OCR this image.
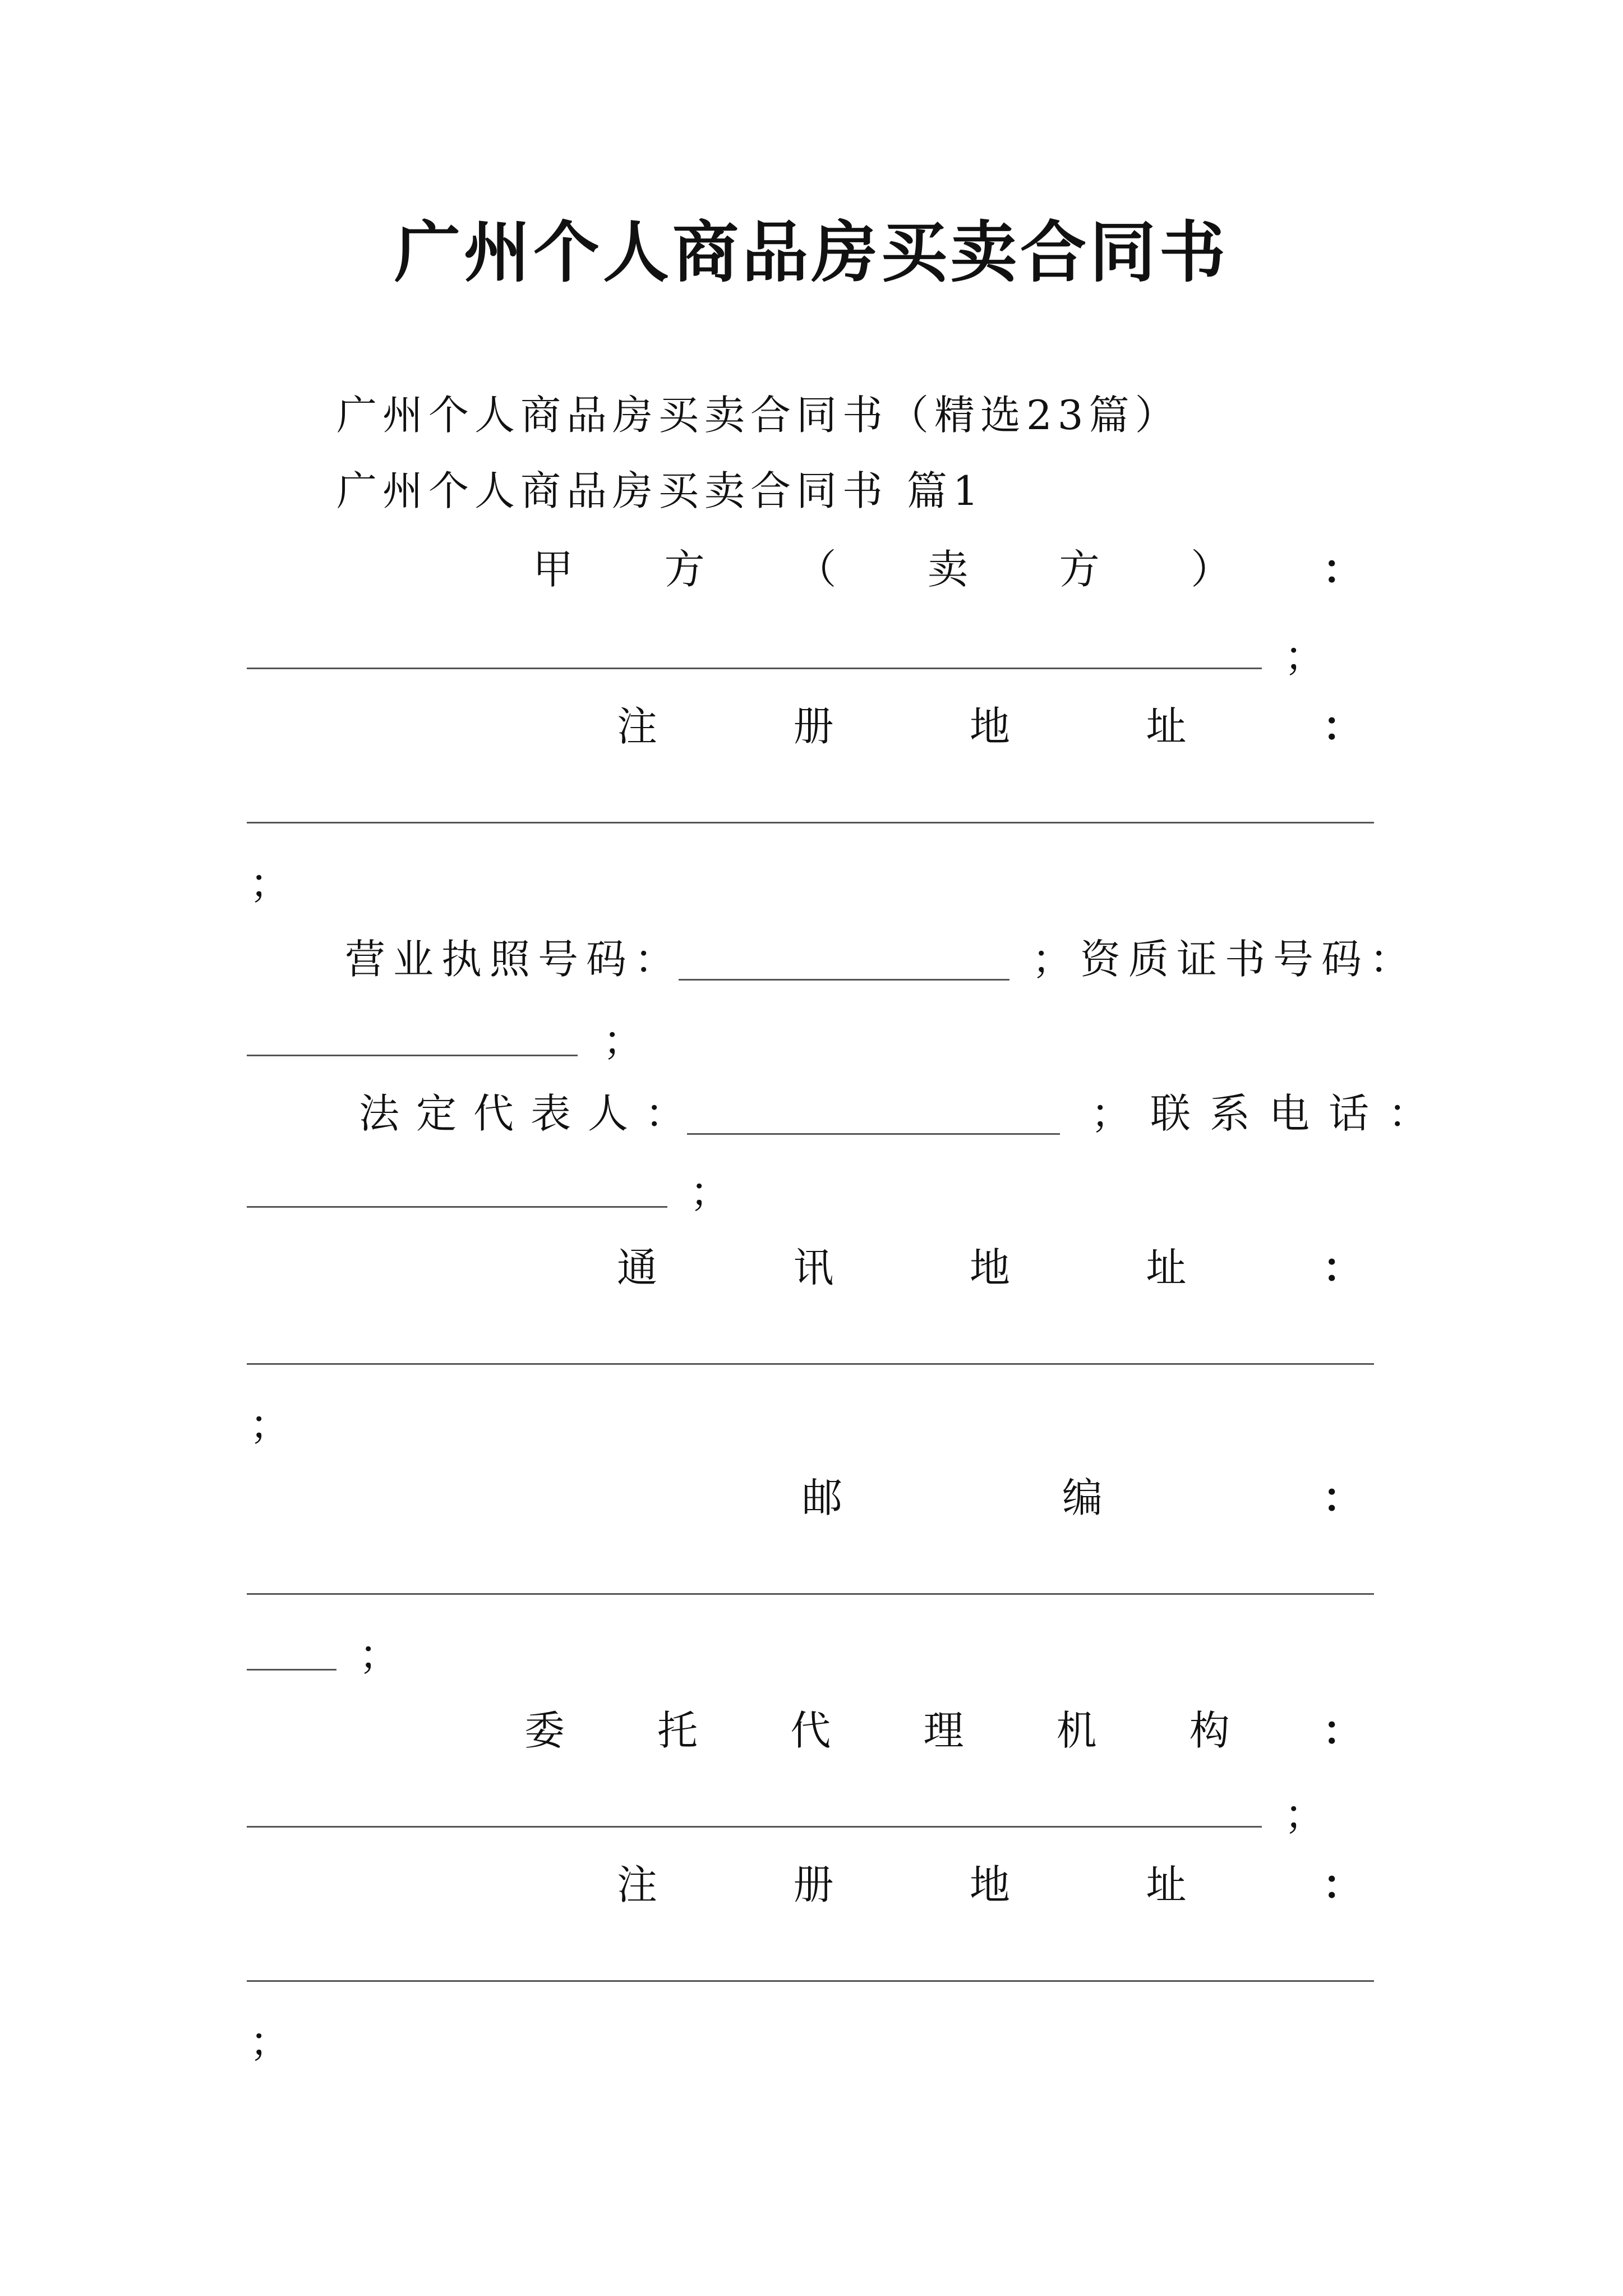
广州个人商品房买卖合同书
广州个人商品房买卖合同书（精选23篇）
广州个人商品房买卖合同书 篇1
甲 方 （ 卖 方 ） ：
；
注	册	地	址	：
；
营业执照号码：	；资质证书号码：
；
法定代表人：	；联系电话：
；
通	讯	地	址	：
；
邮	编	：
；
委 托 代 理 机 构 ：
；
注	册	地	址	：
；
